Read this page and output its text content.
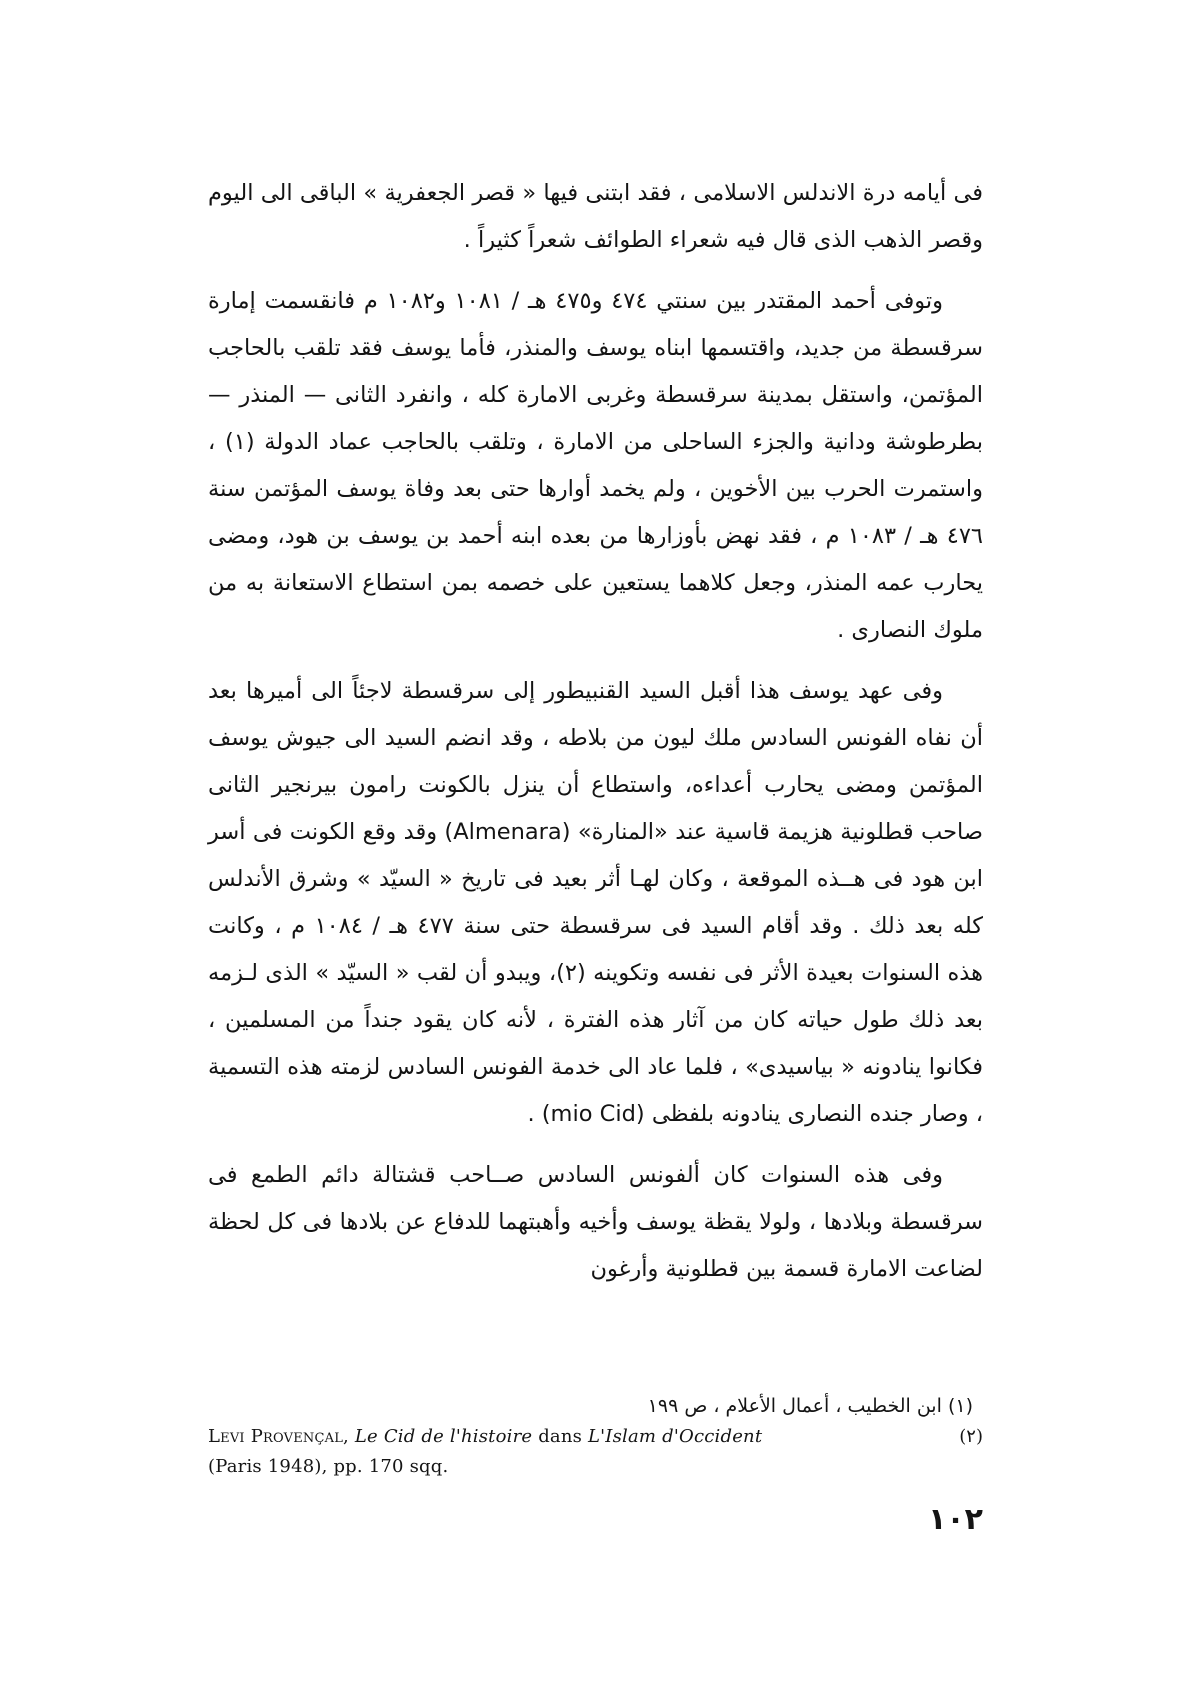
فى أيامه درة الاندلس الاسلامى ، فقد ابتنى فيها « قصر الجعفرية » الباقى الى اليوم وقصر الذهب الذى قال فيه شعراء الطوائف شعراً كثيراً .

وتوفى أحمد المقتدر بين سنتي ٤٧٤ و٤٧٥ هـ / ١٠٨١ و١٠٨٢ م فانقسمت إمارة سرقسطة من جديد، واقتسمها ابناه يوسف والمنذر، فأما يوسف فقد تلقب بالحاجب المؤتمن، واستقل بمدينة سرقسطة وغربى الامارة كله ، وانفرد الثانى — المنذر — بطرطوشة ودانية والجزء الساحلى من الامارة ، وتلقب بالحاجب عماد الدولة (١) ، واستمرت الحرب بين الأخوين ، ولم يخمد أوارها حتى بعد وفاة يوسف المؤتمن سنة ٤٧٦ هـ / ١٠٨٣ م ، فقد نهض بأوزارها من بعده ابنه أحمد بن يوسف بن هود، ومضى يحارب عمه المنذر، وجعل كلاهما يستعين على خصمه بمن استطاع الاستعانة به من ملوك النصارى .

وفى عهد يوسف هذا أقبل السيد القنبيطور إلى سرقسطة لاجئاً الى أميرها بعد أن نفاه الفونس السادس ملك ليون من بلاطه ، وقد انضم السيد الى جيوش يوسف المؤتمن ومضى يحارب أعداءه، واستطاع أن ينزل بالكونت رامون بيرنجير الثانى صاحب قطلونية هزيمة قاسية عند «المنارة» (Almenara) وقد وقع الكونت فى أسر ابن هود فى هــذه الموقعة ، وكان لهـا أثر بعيد فى تاريخ « السيّد » وشرق الأندلس كله بعد ذلك . وقد أقام السيد فى سرقسطة حتى سنة ٤٧٧ هـ / ١٠٨٤ م ، وكانت هذه السنوات بعيدة الأثر فى نفسه وتكوينه (٢)، ويبدو أن لقب « السيّد » الذى لـزمه بعد ذلك طول حياته كان من آثار هذه الفترة ، لأنه كان يقود جنداً من المسلمين ، فكانوا ينادونه « بياسيدى» ، فلما عاد الى خدمة الفونس السادس لزمته هذه التسمية ، وصار جنده النصارى ينادونه بلفظى (mio Cid) .

وفى هذه السنوات كان ألفونس السادس صــاحب قشتالة دائم الطمع فى سرقسطة وبلادها ، ولولا يقظة يوسف وأخيه وأهبتهما للدفاع عن بلادها فى كل لحظة لضاعت الامارة قسمة بين قطلونية وأرغون

(١) ابن الخطيب ، أعمال الأعلام ، ص ١٩٩
(٢)
Levi Provençal, Le Cid de l'histoire dans L'Islam d'Occident
(Paris 1948), pp. 170 sqq.
١٠٢
